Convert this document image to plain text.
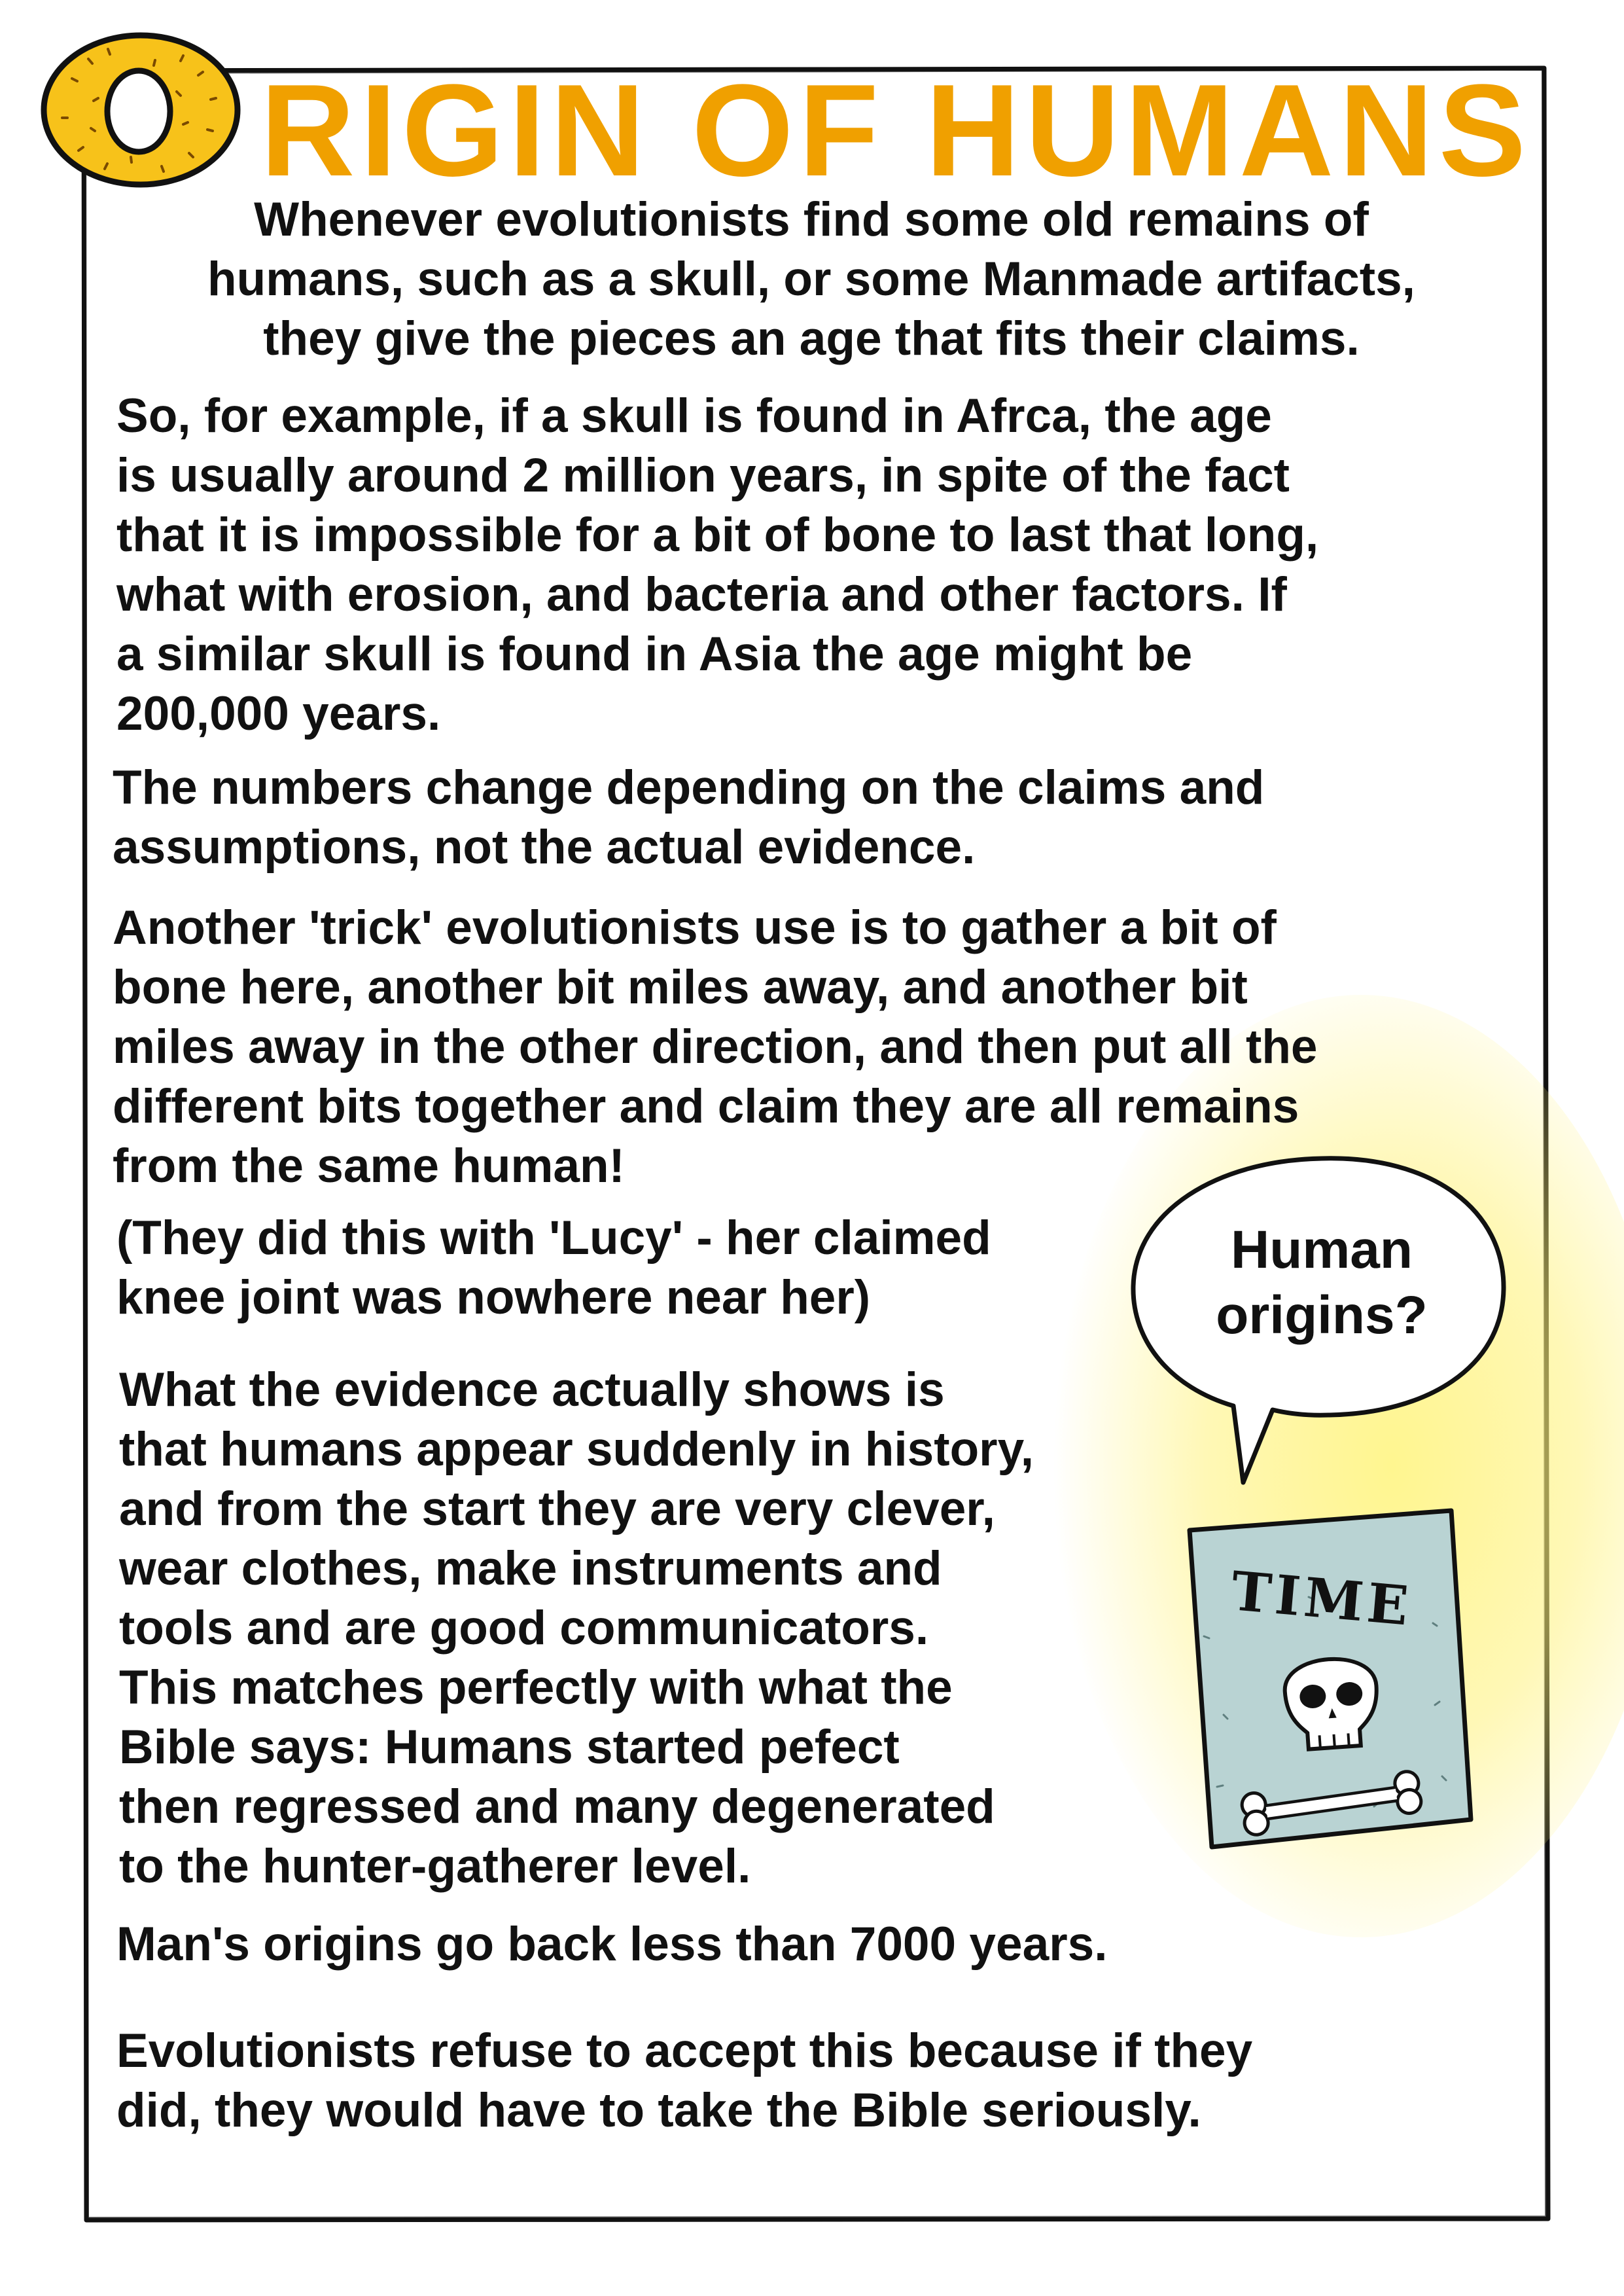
RIGIN OF HUMANS
Whenever evolutionists find some old remains of
humans, such as a skull, or some Manmade artifacts,
they give the pieces an age that fits their claims.
So, for example, if a skull is found in Afrca, the age
is usually around 2 million years, in spite of the fact
that it is impossible for a bit of bone to last that long,
what with erosion, and bacteria and other factors. If
a similar skull is found in Asia the age might be
200,000 years.
The numbers change depending on the claims and
assumptions, not the actual evidence.
Another 'trick' evolutionists use is to gather a bit of
bone here, another bit miles away, and another bit
miles away in the other direction, and then put all the
different bits together and claim they are all remains
from the same human!
(They did this with 'Lucy' - her claimed
knee joint was nowhere near her)
What the evidence actually shows is
that humans appear suddenly in history,
and from the start they are very clever,
wear clothes, make instruments and
tools and are good communicators.
This matches perfectly with what the
Bible says: Humans started pefect
then regressed and many degenerated
to the hunter-gatherer level.
Man's origins go back less than 7000 years.
Evolutionists refuse to accept this because if they
did, they would have to take the Bible seriously.
Human
origins?
TIME
